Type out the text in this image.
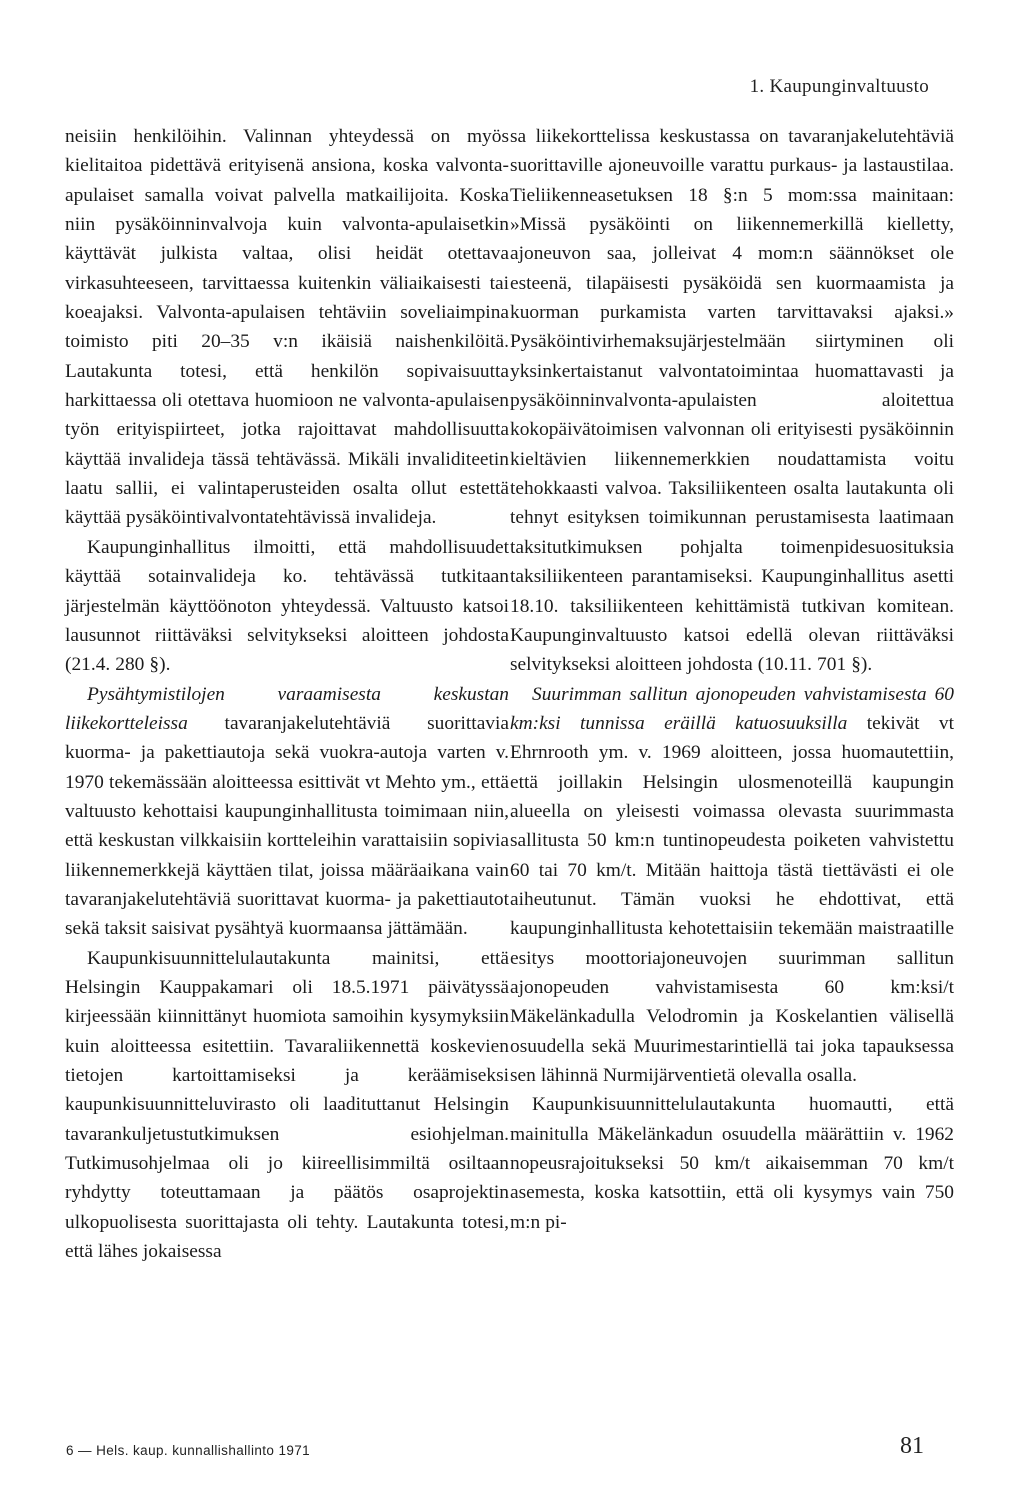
1. Kaupunginvaltuusto

neisiin henkilöihin. Valinnan yhteydessä on myös kielitaitoa pidettävä erityisenä ansiona, koska valvonta-apulaiset samalla voivat palvella matkailijoita. Koska niin pysäköinninvalvoja kuin valvonta-apulaisetkin käyttävät julkista valtaa, olisi heidät otettava virkasuhteeseen, tarvittaessa kuitenkin väliaikaisesti tai koeajaksi. Valvonta-apulaisen tehtäviin soveliaimpina toimisto piti 20–35 v:n ikäisiä naishenkilöitä. Lautakunta totesi, että henkilön sopivaisuutta harkittaessa oli otettava huomioon ne valvonta-apulaisen työn erityispiirteet, jotka rajoittavat mahdollisuutta käyttää invalideja tässä tehtävässä. Mikäli invaliditeetin laatu sallii, ei valintaperusteiden osalta ollut estettä käyttää pysäköintivalvontatehtävissä invalideja.

Kaupunginhallitus ilmoitti, että mahdollisuudet käyttää sotainvalideja ko. tehtävässä tutkitaan järjestelmän käyttöönoton yhteydessä. Valtuusto katsoi lausunnot riittäväksi selvitykseksi aloitteen johdosta (21.4. 280 §).

Pysähtymistilojen varaamisesta keskustan liikekortteleissa tavaranjakelutehtäviä suorittavia kuorma- ja pakettiautoja sekä vuokra-autoja varten v. 1970 tekemässään aloitteessa esittivät vt Mehto ym., että valtuusto kehottaisi kaupunginhallitusta toimimaan niin, että keskustan vilkkaisiin kortteleihin varattaisiin sopivia liikennemerkkejä käyttäen tilat, joissa määräaikana vain tavaranjakelutehtäviä suorittavat kuorma- ja pakettiautot sekä taksit saisivat pysähtyä kuormaansa jättämään.

Kaupunkisuunnittelulautakunta mainitsi, että Helsingin Kauppakamari oli 18.5.1971 päivätyssä kirjeessään kiinnittänyt huomiota samoihin kysymyksiin kuin aloitteessa esitettiin. Tavaraliikennettä koskevien tietojen kartoittamiseksi ja keräämiseksi kaupunkisuunnitteluvirasto oli laadituttanut Helsingin tavarankuljetustutkimuksen esiohjelman. Tutkimusohjelmaa oli jo kiireellisimmiltä osiltaan ryhdytty toteuttamaan ja päätös osaprojektin ulkopuolisesta suorittajasta oli tehty. Lautakunta totesi, että lähes jokaisessa

sa liikekorttelissa keskustassa on tavaranjakelutehtäviä suorittaville ajoneuvoille varattu purkaus- ja lastaustilaa. Tieliikenneasetuksen 18 §:n 5 mom:ssa mainitaan: »Missä pysäköinti on liikennemerkillä kielletty, ajoneuvon saa, jolleivat 4 mom:n säännökset ole esteenä, tilapäisesti pysäköidä sen kuormaamista ja kuorman purkamista varten tarvittavaksi ajaksi.» Pysäköintivirhemaksujärjestelmään siirtyminen oli yksinkertaistanut valvontatoimintaa huomattavasti ja pysäköinninvalvonta-apulaisten aloitettua kokopäivätoimisen valvonnan oli erityisesti pysäköinnin kieltävien liikennemerkkien noudattamista voitu tehokkaasti valvoa. Taksiliikenteen osalta lautakunta oli tehnyt esityksen toimikunnan perustamisesta laatimaan taksitutkimuksen pohjalta toimenpidesuosituksia taksiliikenteen parantamiseksi. Kaupunginhallitus asetti 18.10. taksiliikenteen kehittämistä tutkivan komitean. Kaupunginvaltuusto katsoi edellä olevan riittäväksi selvitykseksi aloitteen johdosta (10.11. 701 §).

Suurimman sallitun ajonopeuden vahvistamisesta 60 km:ksi tunnissa eräillä katuosuuksilla tekivät vt Ehrnrooth ym. v. 1969 aloitteen, jossa huomautettiin, että joillakin Helsingin ulosmenoteillä kaupungin alueella on yleisesti voimassa olevasta suurimmasta sallitusta 50 km:n tuntinopeudesta poiketen vahvistettu 60 tai 70 km/t. Mitään haittoja tästä tiettävästi ei ole aiheutunut. Tämän vuoksi he ehdottivat, että kaupunginhallitusta kehotettaisiin tekemään maistraatille esitys moottoriajoneuvojen suurimman sallitun ajonopeuden vahvistamisesta 60 km:ksi/t Mäkelänkadulla Velodromin ja Koskelantien välisellä osuudella sekä Muurimestarintiellä tai joka tapauksessa sen lähinnä Nurmijärventietä olevalla osalla.

Kaupunkisuunnittelulautakunta huomautti, että mainitulla Mäkelänkadun osuudella määrättiin v. 1962 nopeusrajoitukseksi 50 km/t aikaisemman 70 km/t asemesta, koska katsottiin, että oli kysymys vain 750 m:n pi-

6 — Hels. kaup. kunnallishallinto 1971	81
